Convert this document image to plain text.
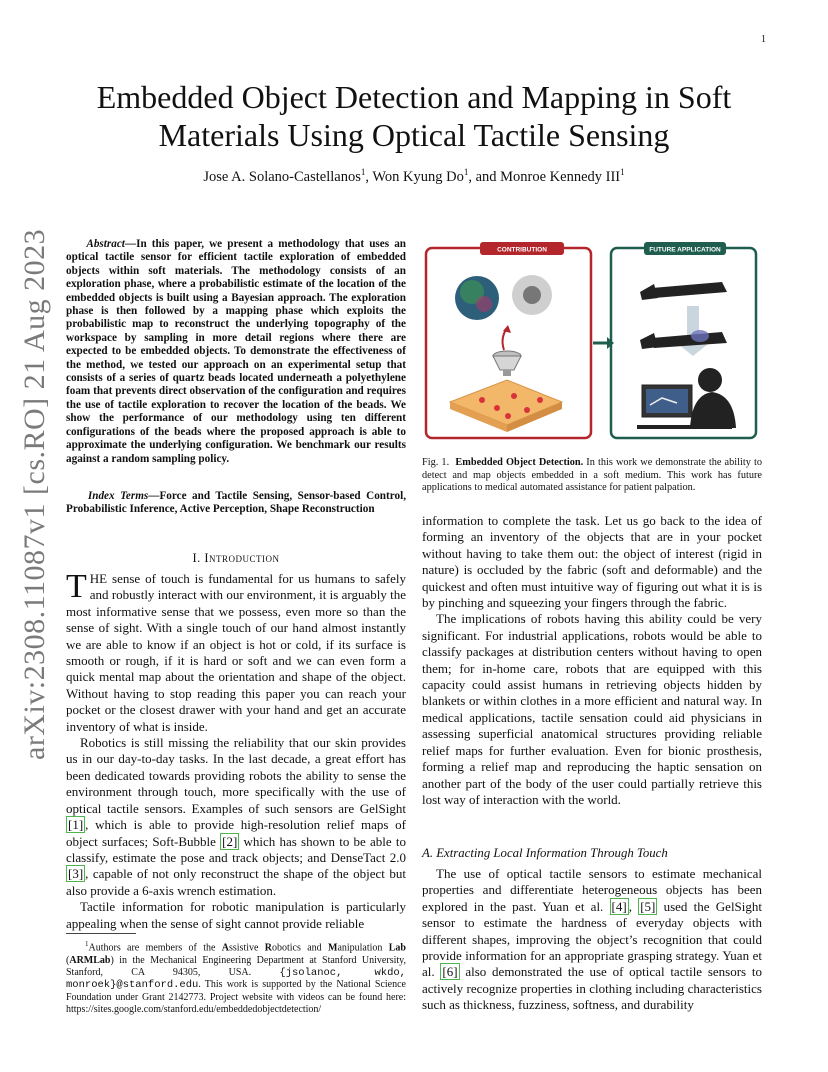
1
arXiv:2308.11087v1 [cs.RO] 21 Aug 2023
Embedded Object Detection and Mapping in Soft
Materials Using Optical Tactile Sensing
Jose A. Solano-Castellanos$^1$, Won Kyung Do$^1$, and Monroe Kennedy III$^1$
Abstract—In this paper, we present a methodology that uses an optical tactile sensor for efficient tactile exploration of embedded objects within soft materials. The methodology consists of an exploration phase, where a probabilistic estimate of the location of the embedded objects is built using a Bayesian approach. The exploration phase is then followed by a mapping phase which exploits the probabilistic map to reconstruct the underlying topography of the workspace by sampling in more detail regions where there are expected to be embedded objects. To demonstrate the effectiveness of the method, we tested our approach on an experimental setup that consists of a series of quartz beads located underneath a polyethylene foam that prevents direct observation of the configuration and requires the use of tactile exploration to recover the location of the beads. We show the performance of our methodology using ten different configurations of the beads where the proposed approach is able to approximate the underlying configuration. We benchmark our results against a random sampling policy.
Index Terms—Force and Tactile Sensing, Sensor-based Control, Probabilistic Inference, Active Perception, Shape Reconstruction
I. Introduction

THE sense of touch is fundamental for us humans to safely and robustly interact with our environment, it is arguably the most informative sense that we possess, even more so than the sense of sight. With a single touch of our hand almost instantly we are able to know if an object is hot or cold, if its surface is smooth or rough, if it is hard or soft and we can even form a quick mental map about the orientation and shape of the object. Without having to stop reading this paper you can reach your pocket or the closest drawer with your hand and get an accurate inventory of what is inside.

Robotics is still missing the reliability that our skin provides us in our day-to-day tasks. In the last decade, a great effort has been dedicated towards providing robots the ability to sense the environment through touch, more specifically with the use of optical tactile sensors. Examples of such sensors are GelSight [1] , which is able to provide high-resolution relief maps of object surfaces; Soft-Bubble [2] which has shown to be able to classify, estimate the pose and track objects; and DenseTact 2.0 [3] , capable of not only reconstruct the shape of the object but also provide a 6-axis wrench estimation.

Tactile information for robotic manipulation is particularly appealing when the sense of sight cannot provide reliable

$^1$Authors are members of the Assistive Robotics and Manipulation Lab (ARMLab) in the Mechanical Engineering Department at Stanford University, Stanford, CA 94305, USA. {jsolanoc, wkdo, monroek}@stanford.edu. This work is supported by the National Science Foundation under Grant 2142773. Project website with videos can be found here: https://sites.google.com/stanford.edu/embeddedobjectdetection/
CONTRIBUTION	FUTURE APPLICATION
Fig. 1. Embedded Object Detection. In this work we demonstrate the ability to detect and map objects embedded in a soft medium. This work has future applications to medical automated assistance for patient palpation.

information to complete the task. Let us go back to the idea of forming an inventory of the objects that are in your pocket without having to take them out: the object of interest (rigid in nature) is occluded by the fabric (soft and deformable) and the quickest and often must intuitive way of figuring out what it is is by pinching and squeezing your fingers through the fabric.

The implications of robots having this ability could be very significant. For industrial applications, robots would be able to classify packages at distribution centers without having to open them; for in-home care, robots that are equipped with this capacity could assist humans in retrieving objects hidden by blankets or within clothes in a more efficient and natural way. In medical applications, tactile sensation could aid physicians in assessing superficial anatomical structures providing reliable relief maps for further evaluation. Even for bionic prosthesis, forming a relief map and reproducing the haptic sensation on another part of the body of the user could partially retrieve this lost way of interaction with the world.

A. Extracting Local Information Through Touch

The use of optical tactile sensors to estimate mechanical properties and differentiate heterogeneous objects has been explored in the past. Yuan et al. [4] , [5] used the GelSight sensor to estimate the hardness of everyday objects with different shapes, improving the object’s recognition that could provide information for an appropriate grasping strategy. Yuan et al. [6] also demonstrated the use of optical tactile sensors to actively recognize properties in clothing including characteristics such as thickness, fuzziness, softness, and durability
